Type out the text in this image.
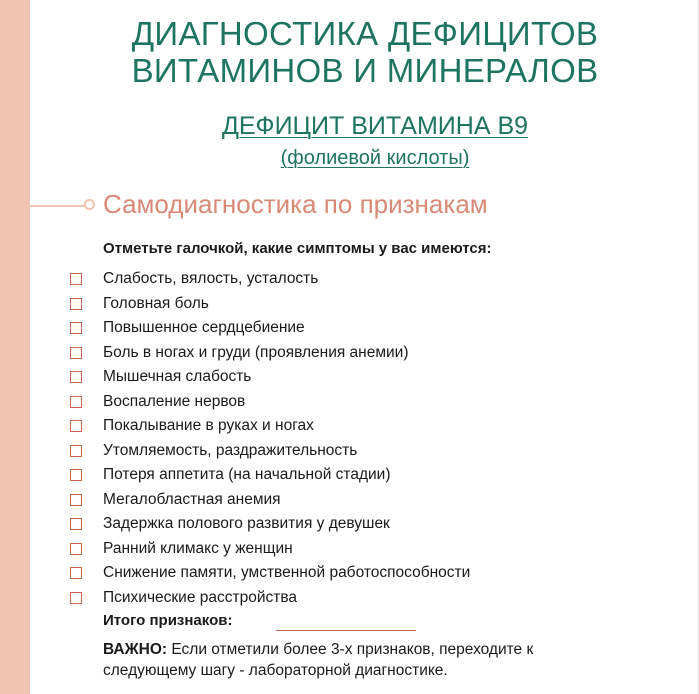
ДИАГНОСТИКА ДЕФИЦИТОВ
ВИТАМИНОВ И МИНЕРАЛОВ
ДЕФИЦИТ ВИТАМИНА В9
(фолиевой кислоты)
Самодиагностика по признакам
Отметьте галочкой, какие симптомы у вас имеются:
Слабость, вялость, усталость
Головная боль
Повышенное сердцебиение
Боль в ногах и груди (проявления анемии)
Мышечная слабость
Воспаление нервов
Покалывание в руках и ногах
Утомляемость, раздражительность
Потеря аппетита (на начальной стадии)
Мегалобластная анемия
Задержка полового развития у девушек
Ранний климакс у женщин
Снижение памяти, умственной работоспособности
Психические расстройства
Итого признаков:
ВАЖНО: Если отметили более 3-х признаков, переходите к следующему шагу - лабораторной диагностике.
